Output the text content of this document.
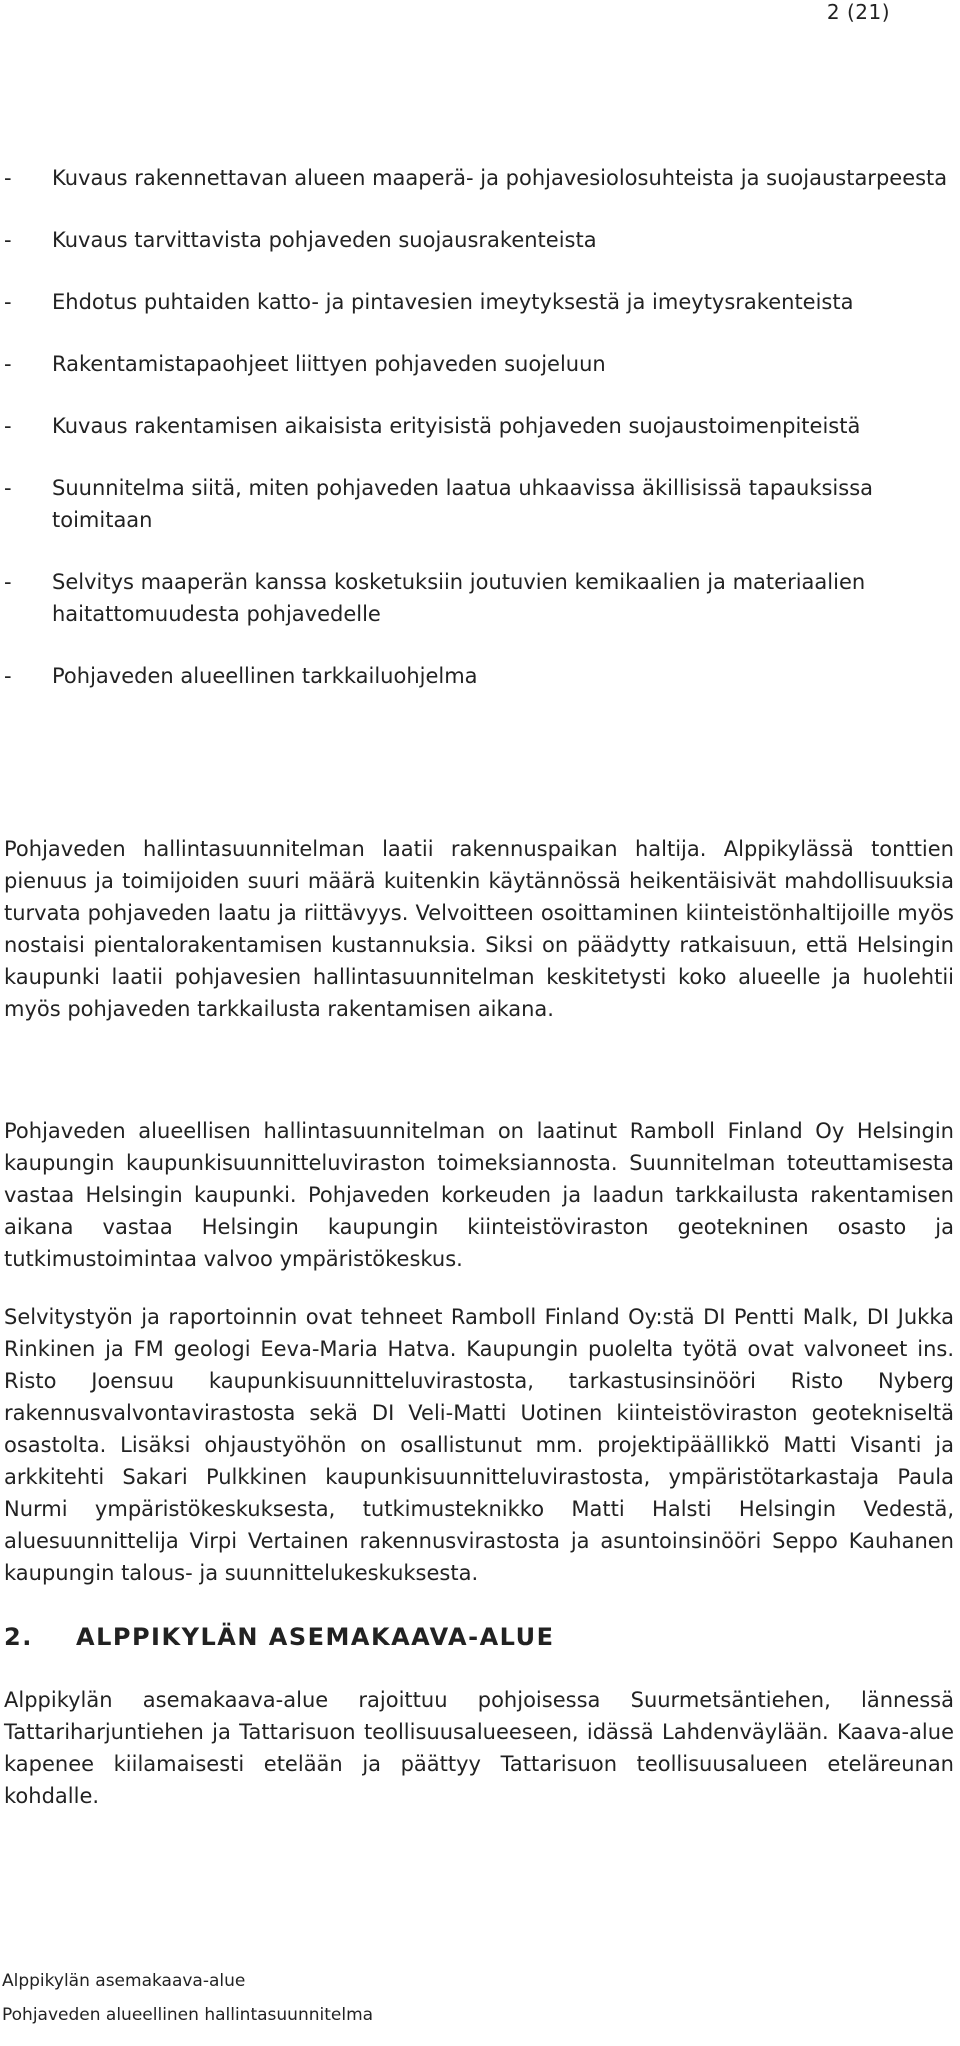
2 (21)
- Kuvaus rakennettavan alueen maaperä- ja pohjavesiolosuhteista ja suojaustarpeesta
- Kuvaus tarvittavista pohjaveden suojausrakenteista
- Ehdotus puhtaiden katto- ja pintavesien imeytyksestä ja imeytysrakenteista
- Rakentamistapaohjeet liittyen pohjaveden suojeluun
- Kuvaus rakentamisen aikaisista erityisistä pohjaveden suojaustoimenpiteistä
- Suunnitelma siitä, miten pohjaveden laatua uhkaavissa äkillisissä tapauksissa toimitaan
- Selvitys maaperän kanssa kosketuksiin joutuvien kemikaalien ja materiaalien haitattomuudesta pohjavedelle
- Pohjaveden alueellinen tarkkailuohjelma

Pohjaveden hallintasuunnitelman laatii rakennuspaikan haltija. Alppikylässä tonttien pienuus ja toimijoiden suuri määrä kuitenkin käytännössä heikentäisivät mahdollisuuksia turvata pohjaveden laatu ja riittävyys. Velvoitteen osoittaminen kiinteistönhaltijoille myös nostaisi pientalorakentamisen kustannuksia. Siksi on päädytty ratkaisuun, että Helsingin kaupunki laatii pohjavesien hallintasuunnitelman keskitetysti koko alueelle ja huolehtii myös pohjaveden tarkkailusta rakentamisen aikana.

Pohjaveden alueellisen hallintasuunnitelman on laatinut Ramboll Finland Oy Helsingin kaupungin kaupunkisuunnitteluviraston toimeksiannosta. Suunnitelman toteuttamisesta vastaa Helsingin kaupunki. Pohjaveden korkeuden ja laadun tarkkailusta rakentamisen aikana vastaa Helsingin kaupungin kiinteistöviraston geotekninen osasto ja tutkimustoimintaa valvoo ympäristökeskus.

Selvitystyön ja raportoinnin ovat tehneet Ramboll Finland Oy:stä DI Pentti Malk, DI Jukka Rinkinen ja FM geologi Eeva-Maria Hatva. Kaupungin puolelta työtä ovat valvoneet ins. Risto Joensuu kaupunkisuunnitteluvirastosta, tarkastusinsinööri Risto Nyberg rakennusvalvontavirastosta sekä DI Veli-Matti Uotinen kiinteistöviraston geotekniseltä osastolta. Lisäksi ohjaustyöhön on osallistunut mm. projektipäällikkö Matti Visanti ja arkkitehti Sakari Pulkkinen kaupunkisuunnitteluvirastosta, ympäristötarkastaja Paula Nurmi ympäristökeskuksesta, tutkimusteknikko Matti Halsti Helsingin Vedestä, aluesuunnittelija Virpi Vertainen rakennusvirastosta ja asuntoinsinööri Seppo Kauhanen kaupungin talous- ja suunnittelukeskuksesta.

2. ALPPIKYLÄN ASEMAKAAVA-ALUE

Alppikylän asemakaava-alue rajoittuu pohjoisessa Suurmetsäntiehen, lännessä Tattariharjuntiehen ja Tattarisuon teollisuusalueeseen, idässä Lahdenväylään. Kaava-alue kapenee kiilamaisesti etelään ja päättyy Tattarisuon teollisuusalueen eteläreunan kohdalle.

Alppikylän asemakaava-alue
Pohjaveden alueellinen hallintasuunnitelma
